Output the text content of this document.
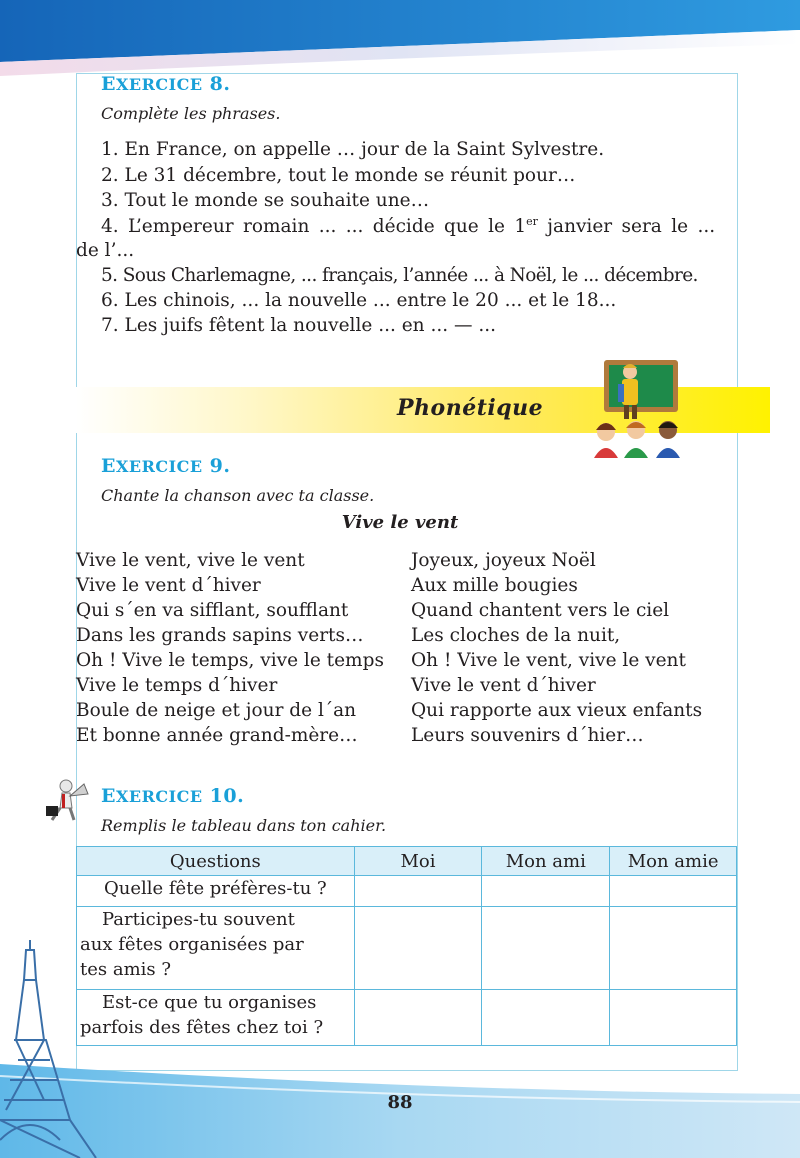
EXERCICE 8.
Complète les phrases.
1. En France, on appelle … jour de la Saint Sylvestre.
2. Le 31 décembre, tout le monde se réunit pour…
3. Tout le monde se souhaite une…
4. L’empereur romain ... ... décide que le 1er janvier sera le ...
de l’...
5. Sous Charlemagne, ... français, l’année ... à Noël, le ... décembre.
6. Les chinois, ... la nouvelle ... entre le 20 ... et le 18...
7. Les juifs fêtent la nouvelle ... en ... — ...
Phonétique
EXERCICE 9.
Chante la chanson avec ta classe.
Vive le vent
Vive le vent, vive le vent
Vive le vent d´hiver
Qui s´en va sifflant, soufflant
Dans les grands sapins verts…
Oh ! Vive le temps, vive le temps
Vive le temps d´hiver
Boule de neige et jour de l´an
Et bonne année grand-mère…
Joyeux, joyeux Noël
Aux mille bougies
Quand chantent vers le ciel
Les cloches de la nuit,
Oh ! Vive le vent, vive le vent
Vive le vent d´hiver
Qui rapporte aux vieux enfants
Leurs souvenirs d´hier…
EXERCICE 10.
Remplis le tableau dans ton cahier.
Questions	Moi	Mon ami	Mon amie

Quelle fête préfères-tu ?			

Participes-tu souvent
aux fêtes organisées par
tes amis ?			

Est-ce que tu organises
parfois des fêtes chez toi ?			

88
